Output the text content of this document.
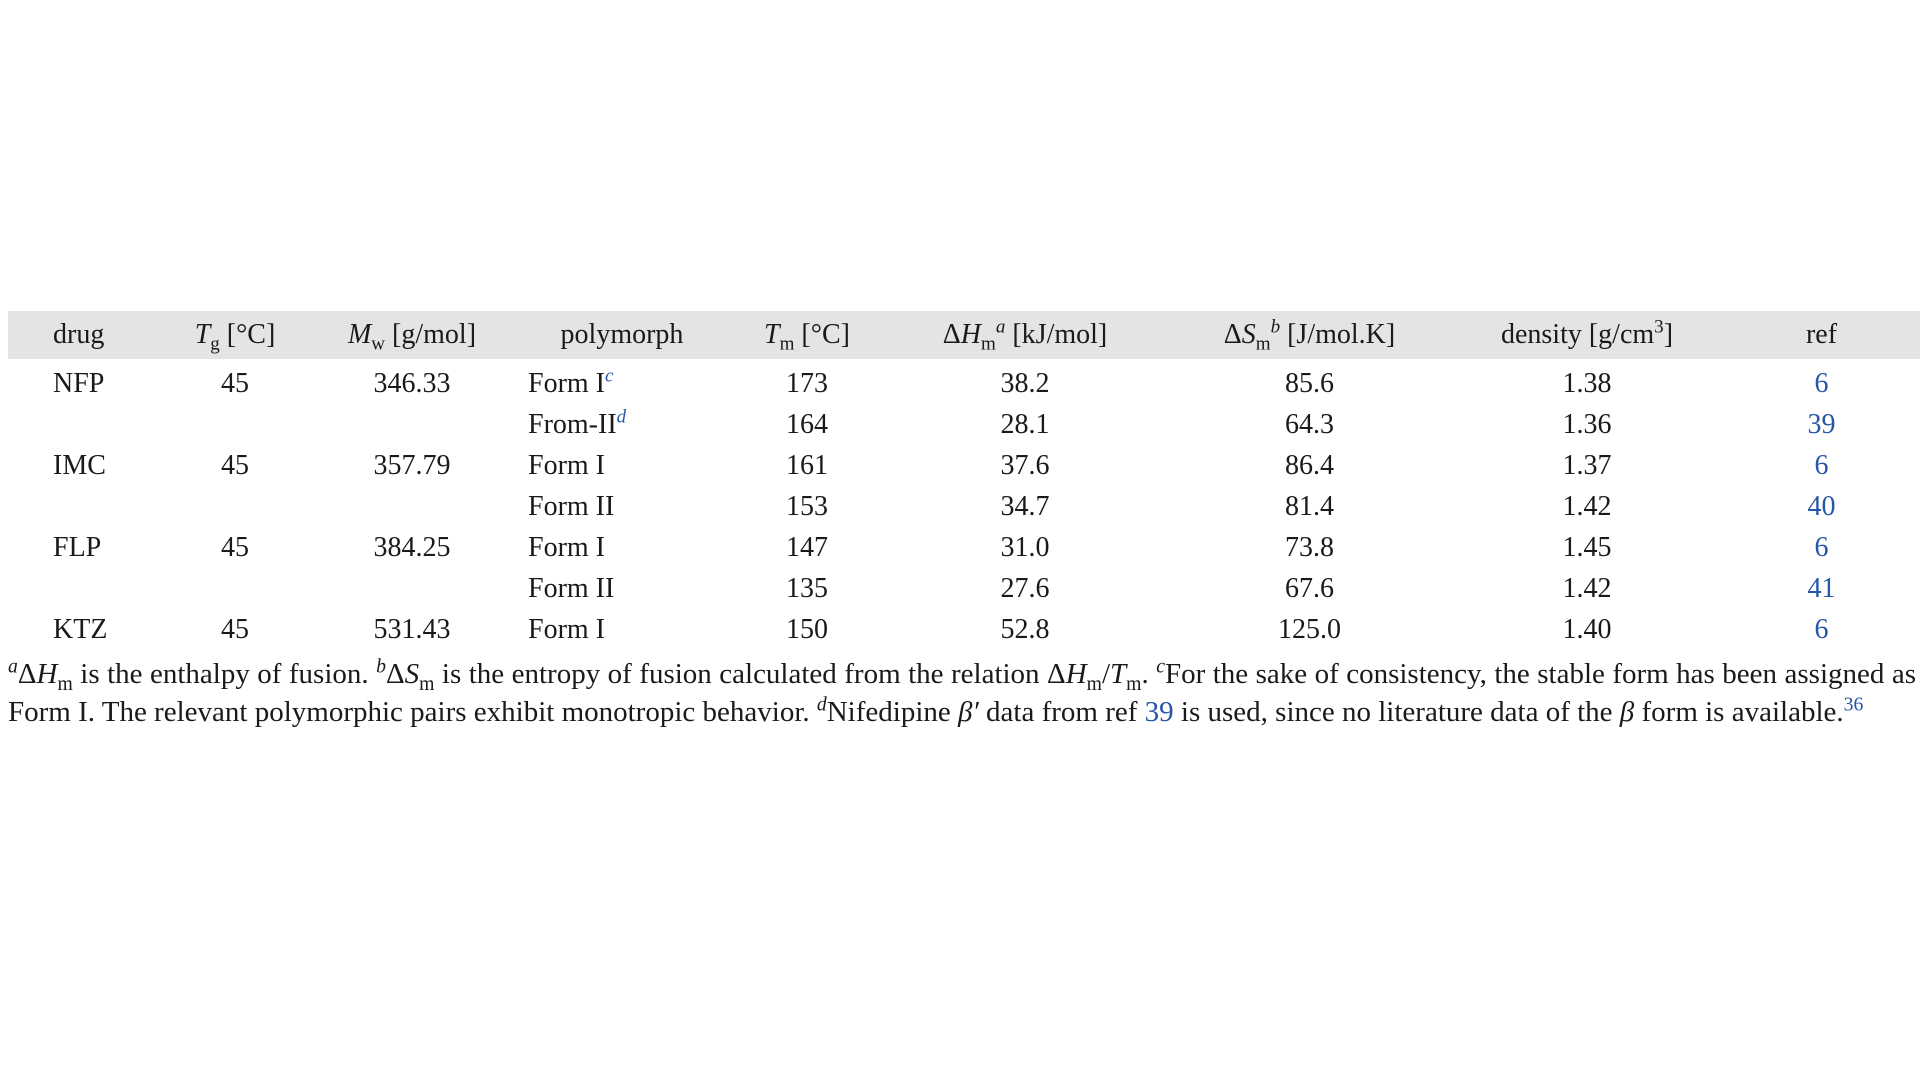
drug	$T_g$ [°C]	$M_w$ [g/mol]	polymorph	$T_m$ [°C]	$\Delta H_m^a$ [kJ/mol]	$\Delta S_m^b$ [J/mol.K]	density $[g/cm^3]$	ref
NFP	45	346.33	Form $I^c$	173	38.2	85.6	1.38	6
			From-$II^d$	164	28.1	64.3	1.36	39
IMC	45	357.79	Form I	161	37.6	86.4	1.37	6
			Form II	153	34.7	81.4	1.42	40
FLP	45	384.25	Form I	147	31.0	73.8	1.45	6
			Form II	135	27.6	67.6	1.42	41
KTZ	45	531.43	Form I	150	52.8	125.0	1.40	6
$^a\Delta H_m$ is the enthalpy of fusion. $^b\Delta S_m$ is the entropy of fusion calculated from the relation $\Delta H_m/T_m$. $^c$For the sake of consistency, the stable form has been assigned as Form I. The relevant polymorphic pairs exhibit monotropic behavior. $^d$Nifedipine β′ data from ref 39 is used, since no literature data of the β form is available.$^{36}$
